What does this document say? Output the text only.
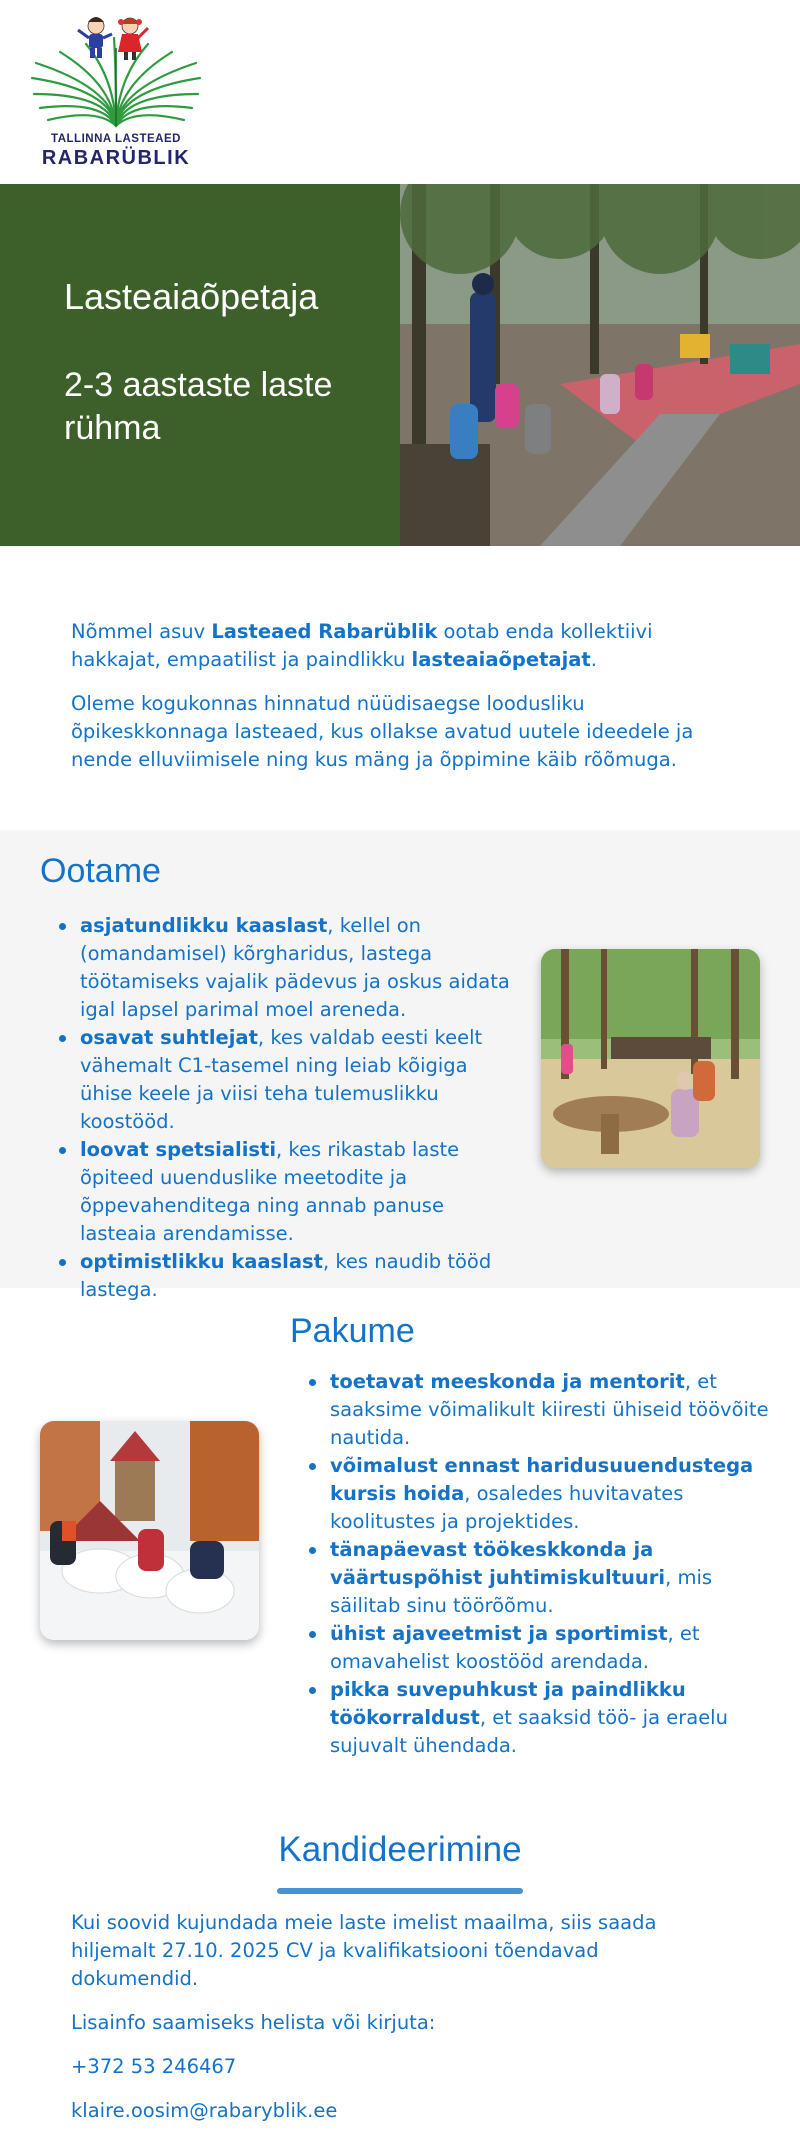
TALLINNA LASTEAED
RABARÜBLIK
Lasteaiaõpetaja
2-3 aastaste laste rühma

Nõmmel asuv Lasteaed Rabarüblik ootab enda kollektiivi hakkajat, empaatilist ja paindlikku lasteaiaõpetajat.

Oleme kogukonnas hinnatud nüüdisaegse loodusliku õpikeskkonnaga lasteaed, kus ollakse avatud uutele ideedele ja nende elluviimisele ning kus mäng ja õppimine käib rõõmuga.

Ootame
asjatundlikku kaaslast, kellel on (omandamisel) kõrgharidus, lastega töötamiseks vajalik pädevus ja oskus aidata igal lapsel parimal moel areneda.
osavat suhtlejat, kes valdab eesti keelt vähemalt C1-tasemel ning leiab kõigiga ühise keele ja viisi teha tulemuslikku koostööd.
loovat spetsialisti, kes rikastab laste õpiteed uuenduslike meetodite ja õppevahenditega ning annab panuse lasteaia arendamisse.
optimistlikku kaaslast, kes naudib tööd lastega.
Pakume
toetavat meeskonda ja mentorit, et saaksime võimalikult kiiresti ühiseid töövõite nautida.
võimalust ennast haridusuuendustega kursis hoida, osaledes huvitavates koolitustes ja projektides.
tänapäevast töökeskkonda ja väärtuspõhist juhtimiskultuuri, mis säilitab sinu töörõõmu.
ühist ajaveetmist ja sportimist, et omavahelist koostööd arendada.
pikka suvepuhkust ja paindlikku töökorraldust, et saaksid töö- ja eraelu sujuvalt ühendada.
Kandideerimine

Kui soovid kujundada meie laste imelist maailma, siis saada hiljemalt 27.10. 2025 CV ja kvalifikatsiooni tõendavad dokumendid.

Lisainfo saamiseks helista või kirjuta:

+372 53 246467

klaire.oosim@rabaryblik.ee
